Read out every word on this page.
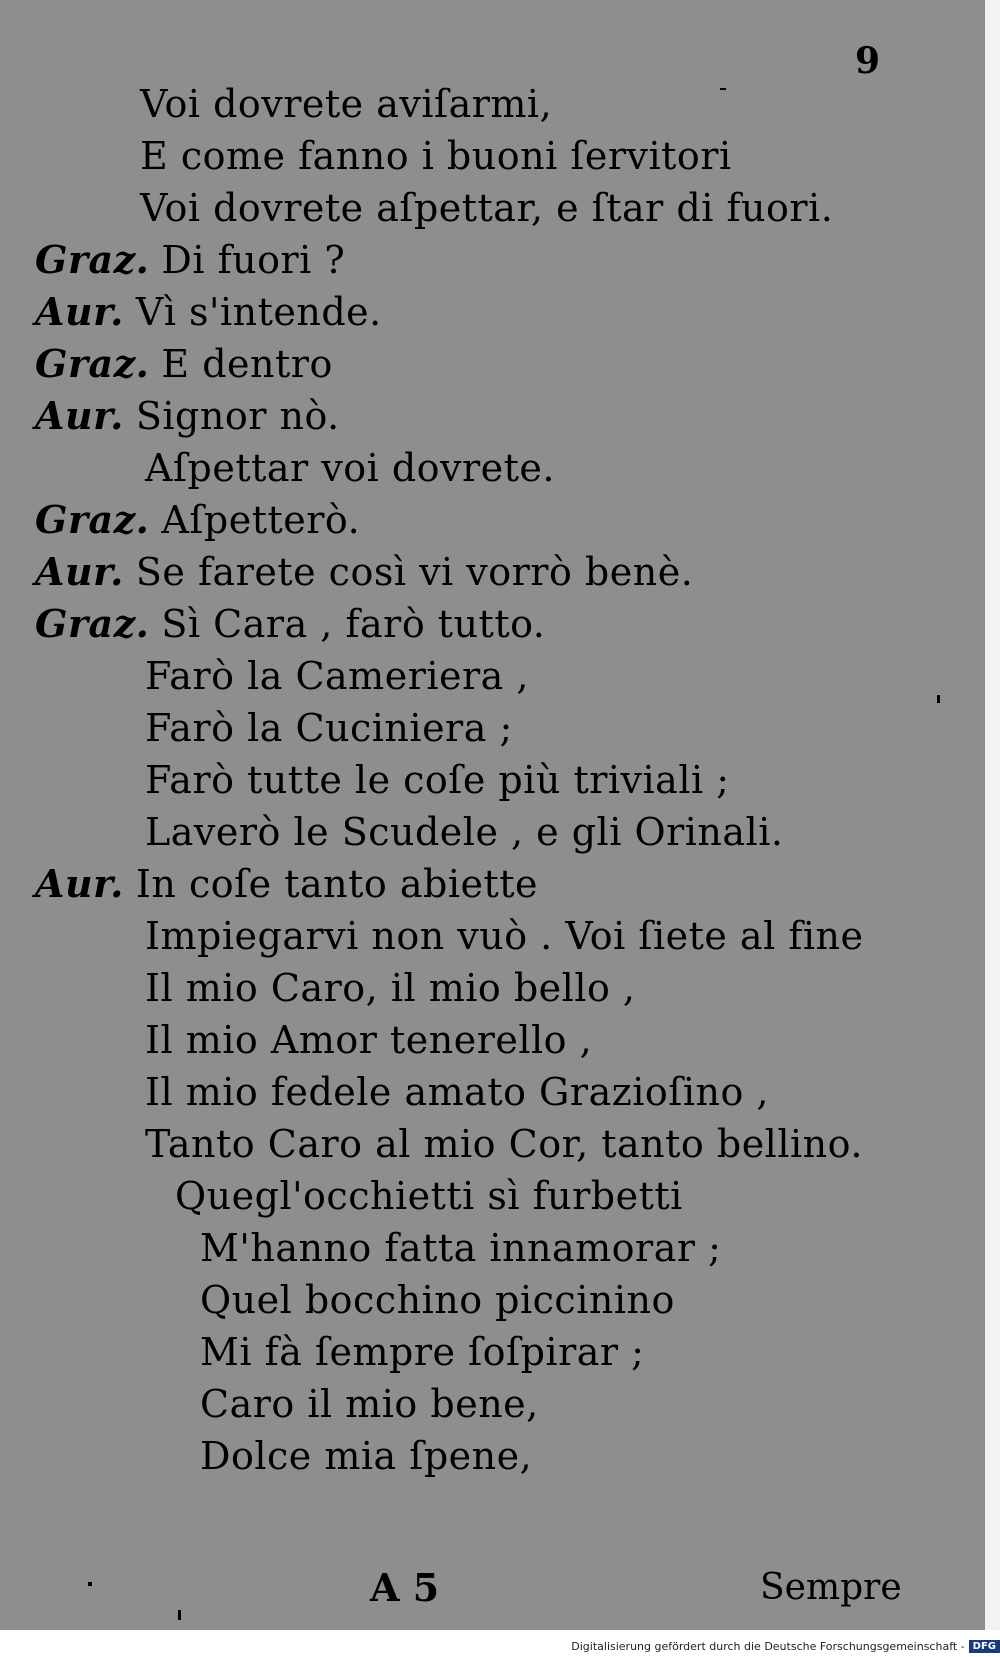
9
Voi dovrete aviſarmi,
E come fanno i buoni ſervitori
Voi dovrete aſpettar, e ſtar di fuori.
Graz. Di fuori ?
Aur. Vì s'intende.
Graz. E dentro
Aur. Signor nò.
Aſpettar voi dovrete.
Graz. Aſpetterò.
Aur. Se farete così vi vorrò benè.
Graz. Sì Cara , farò tutto.
Farò la Cameriera ,
Farò la Cuciniera ;
Farò tutte le coſe più triviali ;
Laverò le Scudele , e gli Orinali.
Aur. In coſe tanto abiette
Impiegarvi non vuò . Voi ſiete al fine
Il mio Caro, il mio bello ,
Il mio Amor tenerello ,
Il mio fedele amato Grazioſino ,
Tanto Caro al mio Cor, tanto bellino.
Quegl'occhietti sì furbetti
M'hanno fatta innamorar ;
Quel bocchino piccinino
Mi fà ſempre ſoſpirar ;
Caro il mio bene,
Dolce mia ſpene,
A 5	Sempre
Digitalisierung gefördert durch die Deutsche Forschungsgemeinschaft - DFG
